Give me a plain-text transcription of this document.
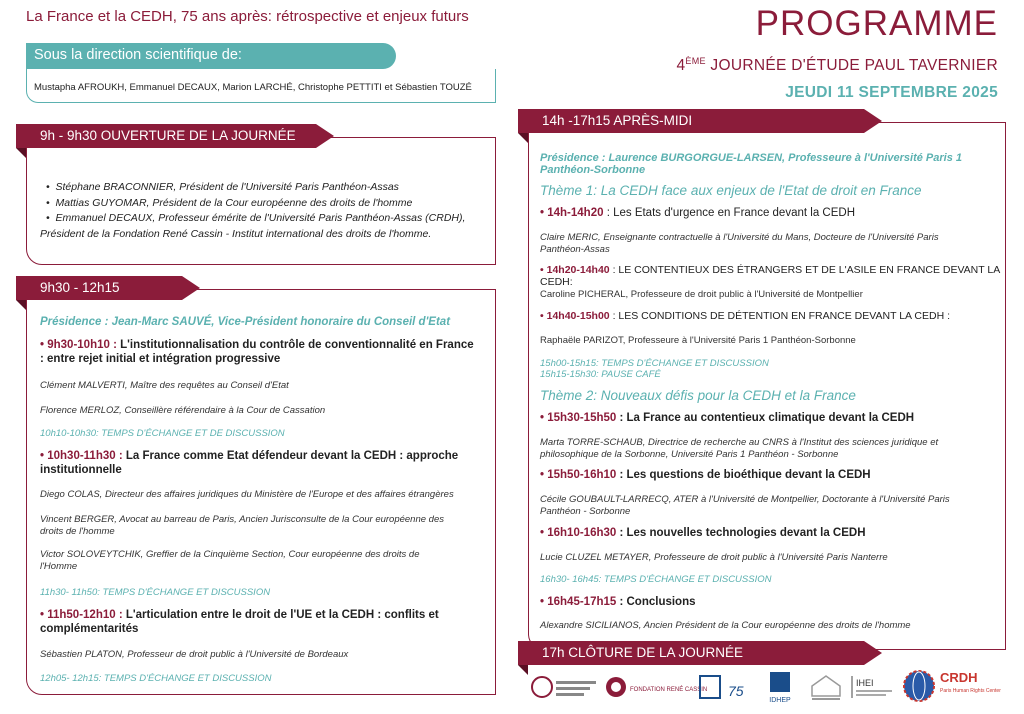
La France et la CEDH, 75 ans après: rétrospective et enjeux futurs
Sous la direction scientifique de:
Mustapha AFROUKH, Emmanuel DECAUX, Marion LARCHÉ, Christophe PETTITI et Sébastien TOUZÉ
PROGRAMME
4ÈME JOURNÉE D'ÉTUDE PAUL TAVERNIER
JEUDI 11 SEPTEMBRE 2025
9h - 9h30 OUVERTURE DE LA JOURNÉE
•  Stéphane BRACONNIER, Président de l'Université Paris Panthéon-Assas
•  Mattias GUYOMAR, Président de la Cour européenne des droits de l'homme
•  Emmanuel DECAUX, Professeur émérite de l'Université Paris Panthéon-Assas (CRDH),
Président de la Fondation René Cassin - Institut international des droits de l'homme.
9h30 - 12h15
Présidence : Jean-Marc SAUVÉ, Vice-Président honoraire du Conseil d'Etat
• 9h30-10h10 : L'institutionnalisation du contrôle de conventionnalité en France
: entre rejet initial et intégration progressive
Clément MALVERTI, Maître des requêtes au Conseil d'Etat
Florence MERLOZ, Conseillère référendaire à la Cour de Cassation
10h10-10h30: TEMPS D'ÉCHANGE ET DE DISCUSSION
• 10h30-11h30 : La France comme Etat défendeur devant la CEDH : approche
institutionnelle
Diego COLAS, Directeur des affaires juridiques du Ministère de l'Europe et des affaires étrangères
Vincent BERGER, Avocat au barreau de Paris, Ancien Jurisconsulte de la Cour européenne des
droits de l'homme
Victor SOLOVEYTCHIK, Greffier de la Cinquième Section, Cour européenne des droits de
l'Homme
11h30- 11h50: TEMPS D'ÉCHANGE ET DISCUSSION
• 11h50-12h10 : L'articulation entre le droit de l'UE et la CEDH : conflits et
complémentarités
Sébastien PLATON, Professeur de droit public à l'Université de Bordeaux
12h05- 12h15: TEMPS D'ÉCHANGE ET DISCUSSION
14h -17h15 APRÈS-MIDI
Présidence : Laurence BURGORGUE-LARSEN, Professeure à l'Université Paris 1
Panthéon-Sorbonne
Thème 1: La CEDH face aux enjeux de l'Etat de droit en France
• 14h-14h20 : Les Etats d'urgence en France devant la CEDH
Claire MERIC, Enseignante contractuelle à l'Université du Mans, Docteure de l'Université Paris
Panthéon-Assas
• 14h20-14h40 : LE CONTENTIEUX DES ÉTRANGERS ET DE L'ASILE EN FRANCE DEVANT LA CEDH:
Caroline PICHERAL, Professeure de droit public à l'Université de Montpellier
• 14h40-15h00 : LES CONDITIONS DE DÉTENTION EN FRANCE DEVANT LA CEDH :
Raphaële PARIZOT, Professeure à l'Université Paris 1 Panthéon-Sorbonne
15h00-15h15: TEMPS D'ÉCHANGE ET DISCUSSION
15h15-15h30: PAUSE CAFÉ
Thème 2: Nouveaux défis pour la CEDH et la France
• 15h30-15h50 : La France au contentieux climatique devant la CEDH
Marta TORRE-SCHAUB, Directrice de recherche au CNRS à l'Institut des sciences juridique et
philosophique de la Sorbonne, Université Paris 1 Panthéon - Sorbonne
• 15h50-16h10 : Les questions de bioéthique devant la CEDH
Cécile GOUBAULT-LARRECQ, ATER à l'Université de Montpellier, Doctorante à l'Université Paris
Panthéon - Sorbonne
• 16h10-16h30 : Les nouvelles technologies devant la CEDH
Lucie CLUZEL METAYER, Professeure de droit public à l'Université Paris Nanterre
16h30- 16h45: TEMPS D'ÉCHANGE ET DISCUSSION
• 16h45-17h15 : Conclusions
Alexandre SICILIANOS, Ancien Président de la Cour européenne des droits de l'homme
17h CLÔTURE DE LA JOURNÉE
FONDATION RENÉ CASSIN 75
IDHEP
IHEI	CRDH
Paris Human Rights Center
